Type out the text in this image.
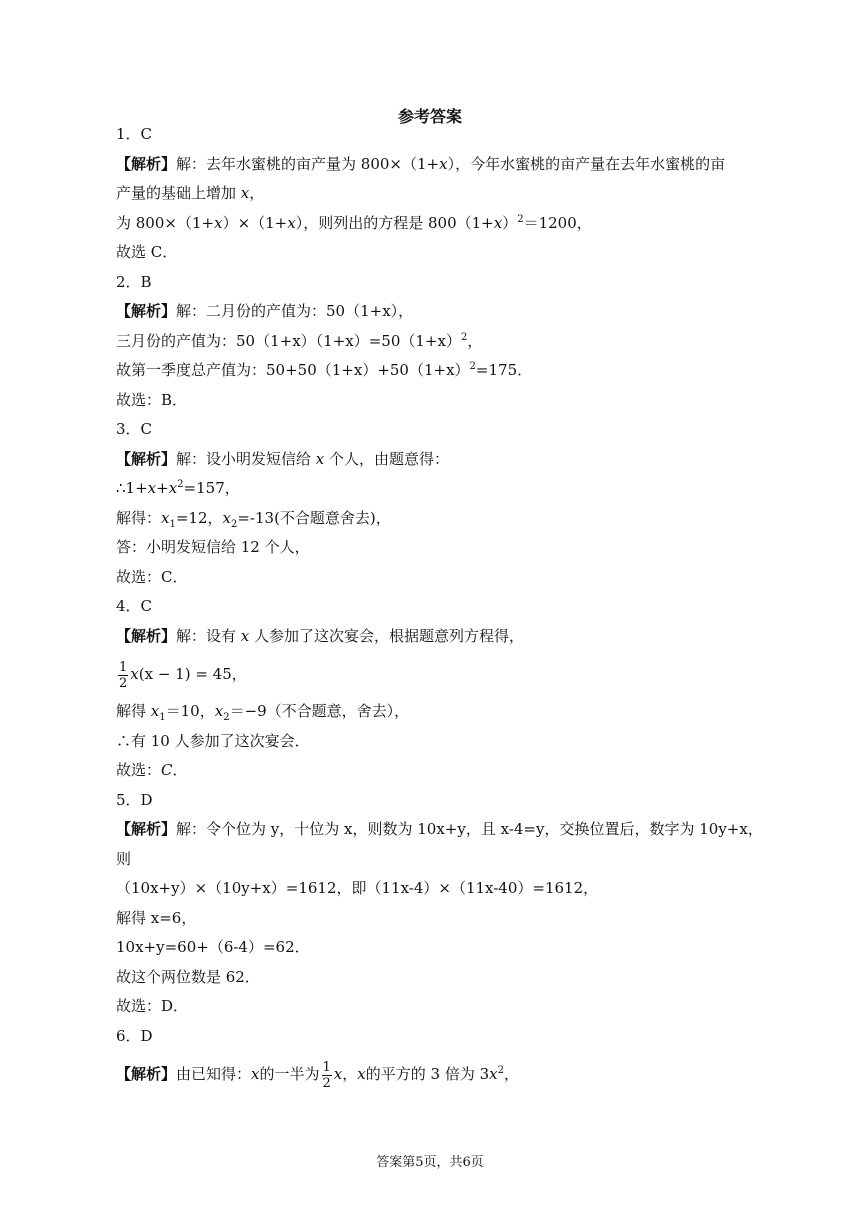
参考答案
1．C
【解析】解：去年水蜜桃的亩产量为 800×（1+x），今年水蜜桃的亩产量在去年水蜜桃的亩
产量的基础上增加 x，
为 800×（1+x）×（1+x），则列出的方程是 $800(1+x)^2=1200$，
故选 C．
2．B
【解析】解：二月份的产值为：50（1+x），
三月份的产值为：$50(1+x)(1+x)=50(1+x)^2$，
故第一季度总产值为：$50+50(1+x)+50(1+x)^2=175$．
故选：B．
3．C
【解析】解：设小明发短信给 x 个人，由题意得：
$\therefore 1+x+x^2=157$，
解得：$x_1=12$，$x_2=-13$(不合题意舍去)，
答：小明发短信给 12 个人，
故选：C．
4．C
【解析】解：设有 x 人参加了这次宴会，根据题意列方程得，
$\frac{1}{2} x(x - 1) = 45$，
解得 $x_1=10$，$x_2=-9$（不合题意，舍去），
∴有 10 人参加了这次宴会．
故选：C．
5．D
【解析】解：令个位为 y，十位为 x，则数为 10x+y，且 x-4=y，交换位置后，数字为 10y+x，
则
（10x+y）×（10y+x）=1612，即（11x-4）×（11x-40）=1612，
解得 x=6，
10x+y=60+（6-4）=62．
故这个两位数是 62．
故选：D．
6．D
【解析】由已知得：x的一半为 $\frac{1}{2}$ x，x的平方的 3 倍为 $3x^2$，
答案第5页，共6页
